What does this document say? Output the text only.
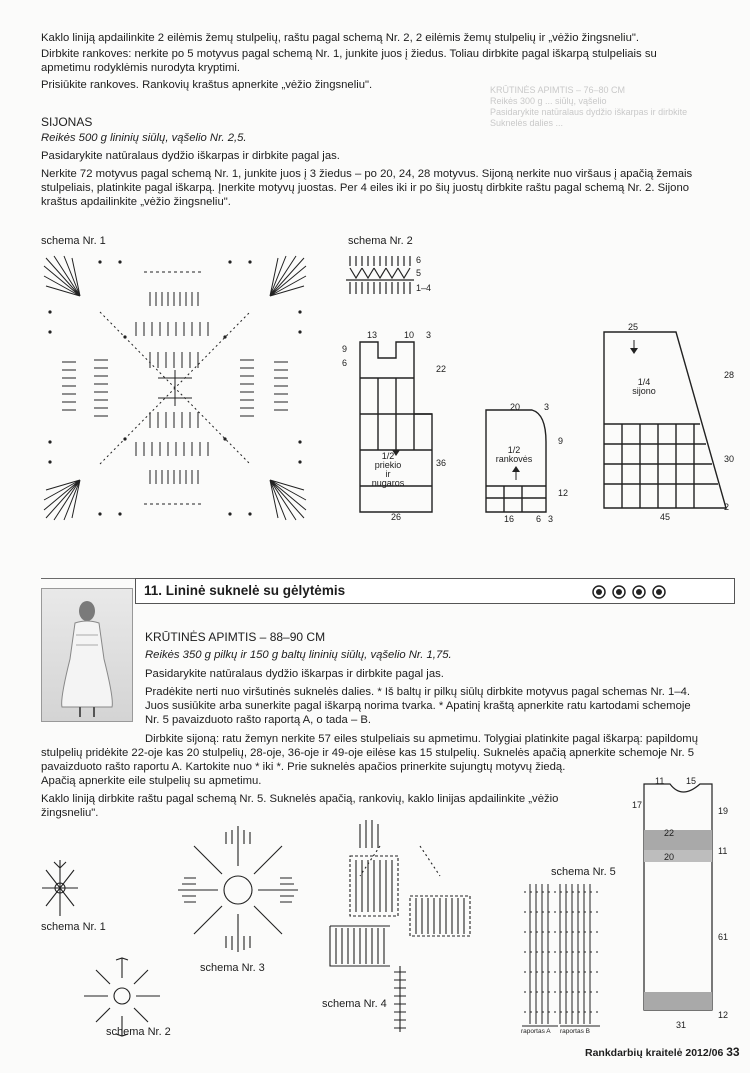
KRŪTINĖS APIMTIS – 76–80 CM
Reikės 300 g ... siūlų, vąšelio
Pasidarykite natūralaus dydžio iškarpas ir dirbkite
Suknelės dalies ...
Kaklo liniją apdailinkite 2 eilėmis žemų stulpelių, raštu pagal schemą Nr. 2, 2 eilėmis žemų stulpelių ir „vėžio žingsneliu".
Dirbkite rankoves: nerkite po 5 motyvus pagal schemą Nr. 1, junkite juos į žiedus. Toliau dirbkite pagal iškarpą stulpeliais su
apmetimu rodyklėmis nurodyta kryptimi.
Prisiūkite rankoves. Rankovių kraštus apnerkite „vėžio žingsneliu".
SIJONAS
Reikės 500 g lininių siūlų, vąšelio Nr. 2,5.
Pasidarykite natūralaus dydžio iškarpas ir dirbkite pagal jas.
Nerkite 72 motyvus pagal schemą Nr. 1, junkite juos į 3 žiedus – po 20, 24, 28 motyvus. Sijoną nerkite nuo viršaus į apačią žemais
stulpeliais, platinkite pagal iškarpą. Įnerkite motyvų juostas. Per 4 eiles iki ir po šių juostų dirbkite raštu pagal schemą Nr. 2. Sijono
kraštus apdailinkite „vėžio žingsneliu".
schema Nr. 1	schema Nr. 2
6
5
1–4
13	10 3
9
6
22
36
1/2
priekio
ir
nugaros
26
20	3
9
12
1/2
rankovės
16 6 3
25
1/4
sijono
28
30
2
45
11. Lininė suknelė su gėlytėmis
KRŪTINĖS APIMTIS – 88–90 CM
Reikės 350 g pilkų ir 150 g baltų lininių siūlų, vąšelio Nr. 1,75.
Pasidarykite natūralaus dydžio iškarpas ir dirbkite pagal jas.
Pradėkite nerti nuo viršutinės suknelės dalies. * Iš baltų ir pilkų siūlų dirbkite motyvus pagal schemas Nr. 1–4.
Juos susiūkite arba sunerkite pagal iškarpą norima tvarka. * Apatinį kraštą apnerkite ratu kartodami schemoje
Nr. 5 pavaizduoto rašto raportą A, o tada – B.
Dirbkite sijoną: ratu žemyn nerkite 57 eiles stulpeliais su apmetimu. Tolygiai platinkite pagal iškarpą: papildomų
stulpelių pridėkite 22-oje kas 20 stulpelių, 28-oje, 36-oje ir 49-oje eilėse kas 15 stulpelių. Suknelės apačią apnerkite schemoje Nr. 5
pavaizduoto rašto raportu A. Kartokite nuo * iki *. Prie suknelės apačios prinerkite sujungtų motyvų žiedą.
Apačią apnerkite eile stulpelių su apmetimu.
Kaklo liniją dirbkite raštu pagal schemą Nr. 5. Suknelės apačią, rankovių, kaklo linijas apdailinkite „vėžio
žingsneliu".
schema Nr. 1
schema Nr. 2
schema Nr. 3
schema Nr. 4
schema Nr. 5
raportas A raportas B
11 15
17
19
22
20
11
61
12
31
Rankdarbių kraitelė 2012/06 33
